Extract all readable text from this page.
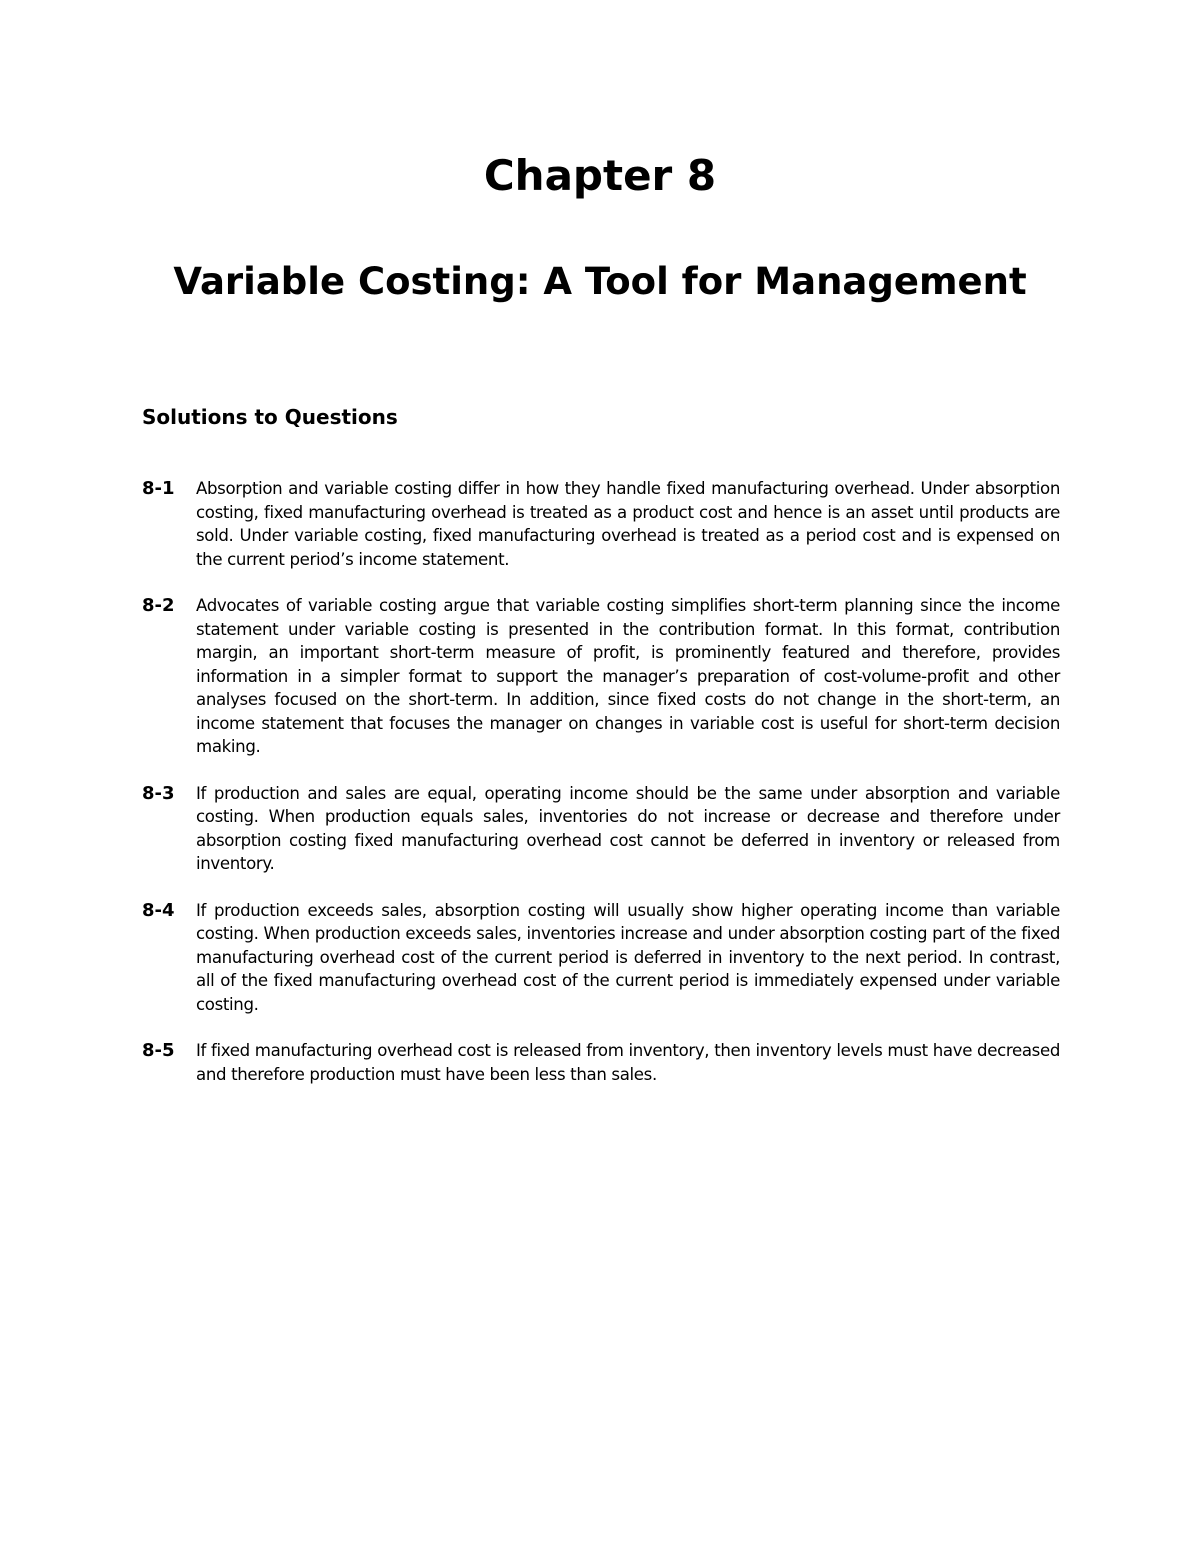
Chapter 8
Variable Costing: A Tool for Management
Solutions to Questions
8-1	Absorption and variable costing differ in how they handle fixed manufacturing overhead. Under absorption costing, fixed manufacturing overhead is treated as a product cost and hence is an asset until products are sold. Under variable costing, fixed manufacturing overhead is treated as a period cost and is expensed on the current period’s income statement.

8-2	Advocates of variable costing argue that variable costing simplifies short-term planning since the income statement under variable costing is presented in the contribution format. In this format, contribution margin, an important short-term measure of profit, is prominently featured and therefore, provides information in a simpler format to support the manager’s preparation of cost-volume-profit and other analyses focused on the short-term. In addition, since fixed costs do not change in the short-term, an income statement that focuses the manager on changes in variable cost is useful for short-term decision making.

8-3	If production and sales are equal, operating income should be the same under absorption and variable costing. When production equals sales, inventories do not increase or decrease and therefore under absorption costing fixed manufacturing overhead cost cannot be deferred in inventory or released from inventory.

8-4	If production exceeds sales, absorption costing will usually show higher operating income than variable costing. When production exceeds sales, inventories increase and under absorption costing part of the fixed manufacturing overhead cost of the current period is deferred in inventory to the next period. In contrast, all of the fixed manufacturing overhead cost of the current period is immediately expensed under variable costing.

8-5	If fixed manufacturing overhead cost is released from inventory, then inventory levels must have decreased and therefore production must have been less than sales.
